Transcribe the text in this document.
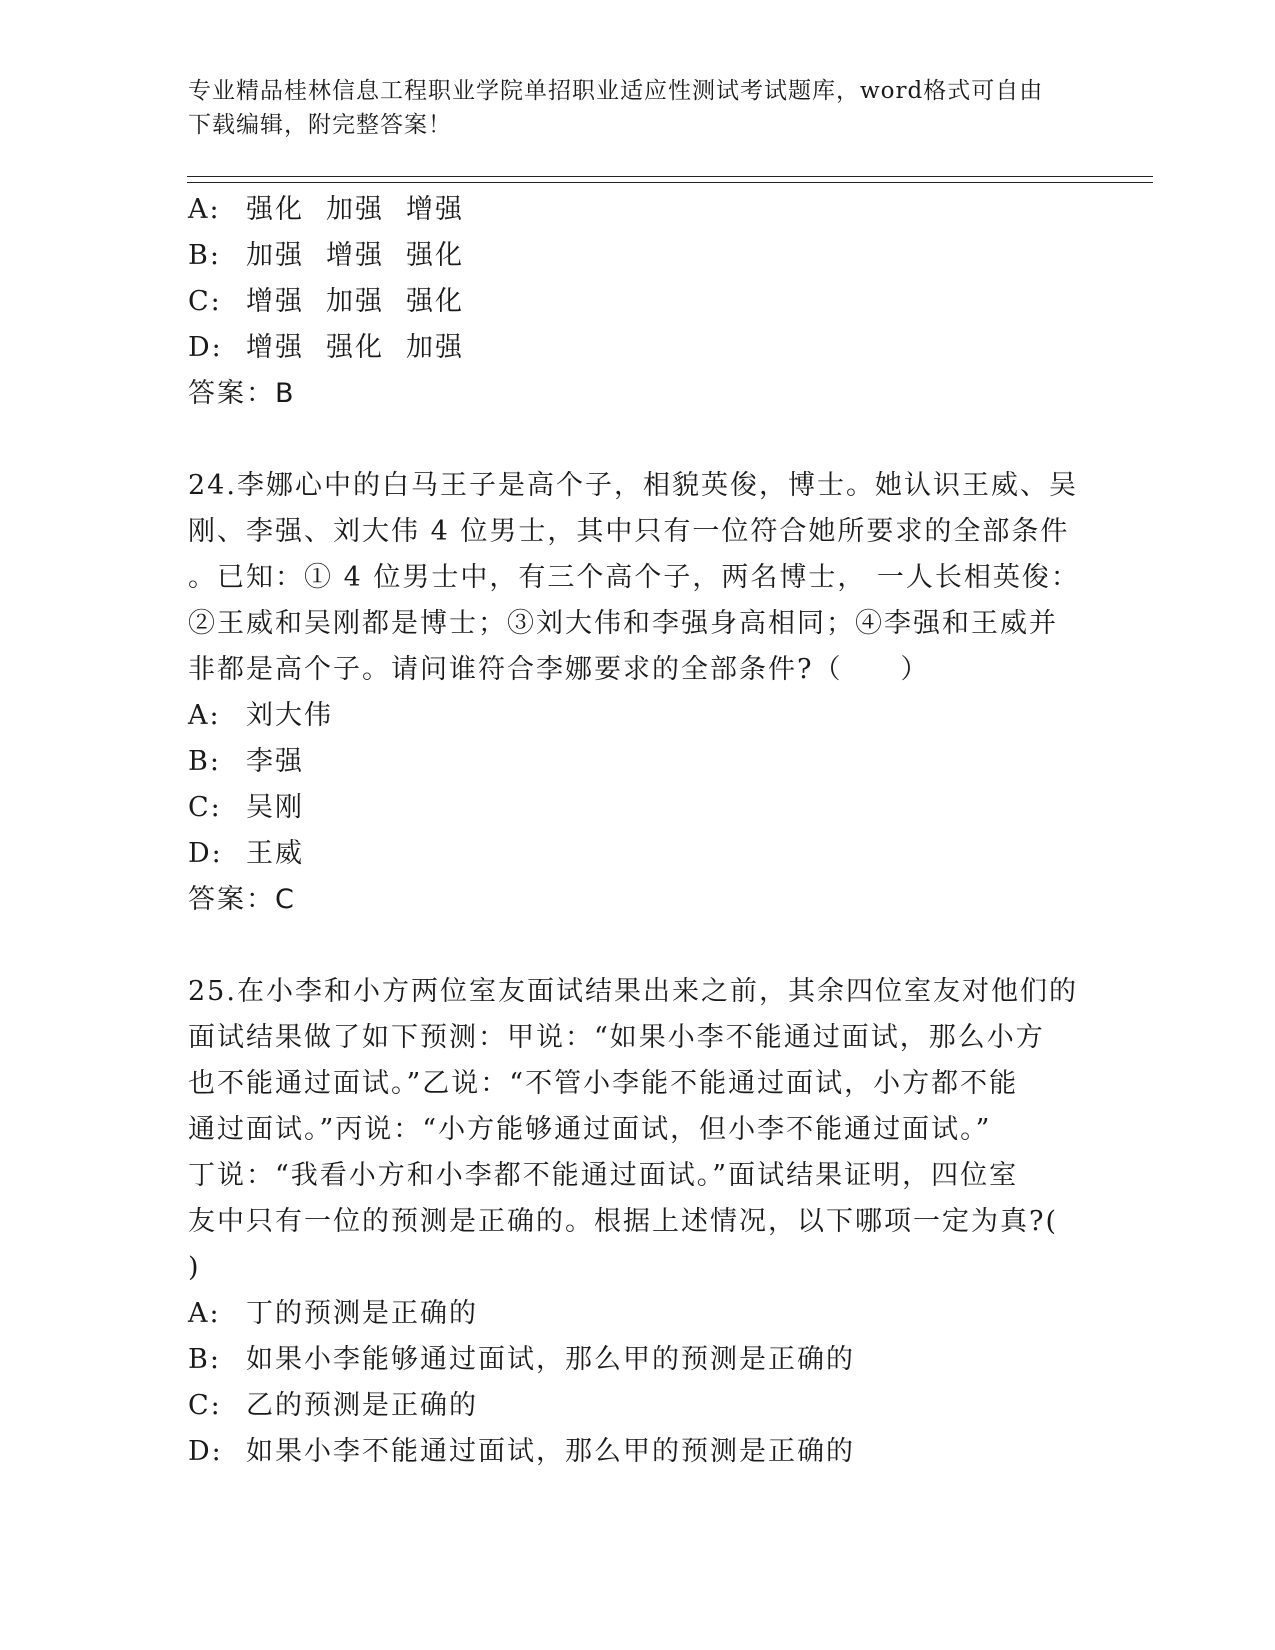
专业精品桂林信息工程职业学院单招职业适应性测试考试题库，word格式可自由
下载编辑，附完整答案！
A: 强化 加强 增强
B: 加强 增强 强化
C: 增强 加强 强化
D: 增强 强化 加强
答案：B
24.李娜心中的白马王子是高个子，相貌英俊，博士。她认识王威、吴
刚、李强、刘大伟 4 位男士，其中只有一位符合她所要求的全部条件
。已知：① 4 位男士中，有三个高个子，两名博士， 一人长相英俊：
②王威和吴刚都是博士；③刘大伟和李强身高相同；④李强和王威并
非都是高个子。请问谁符合李娜要求的全部条件?（　　）
A: 刘大伟
B: 李强
C: 吴刚
D: 王威
答案：C
25.在小李和小方两位室友面试结果出来之前，其余四位室友对他们的
面试结果做了如下预测：甲说：“如果小李不能通过面试，那么小方
也不能通过面试。”乙说：“不管小李能不能通过面试，小方都不能
通过面试。”丙说：“小方能够通过面试，但小李不能通过面试。”
丁说：“我看小方和小李都不能通过面试。”面试结果证明，四位室
友中只有一位的预测是正确的。根据上述情况，以下哪项一定为真?(
)
A: 丁的预测是正确的
B: 如果小李能够通过面试，那么甲的预测是正确的
C: 乙的预测是正确的
D: 如果小李不能通过面试，那么甲的预测是正确的
